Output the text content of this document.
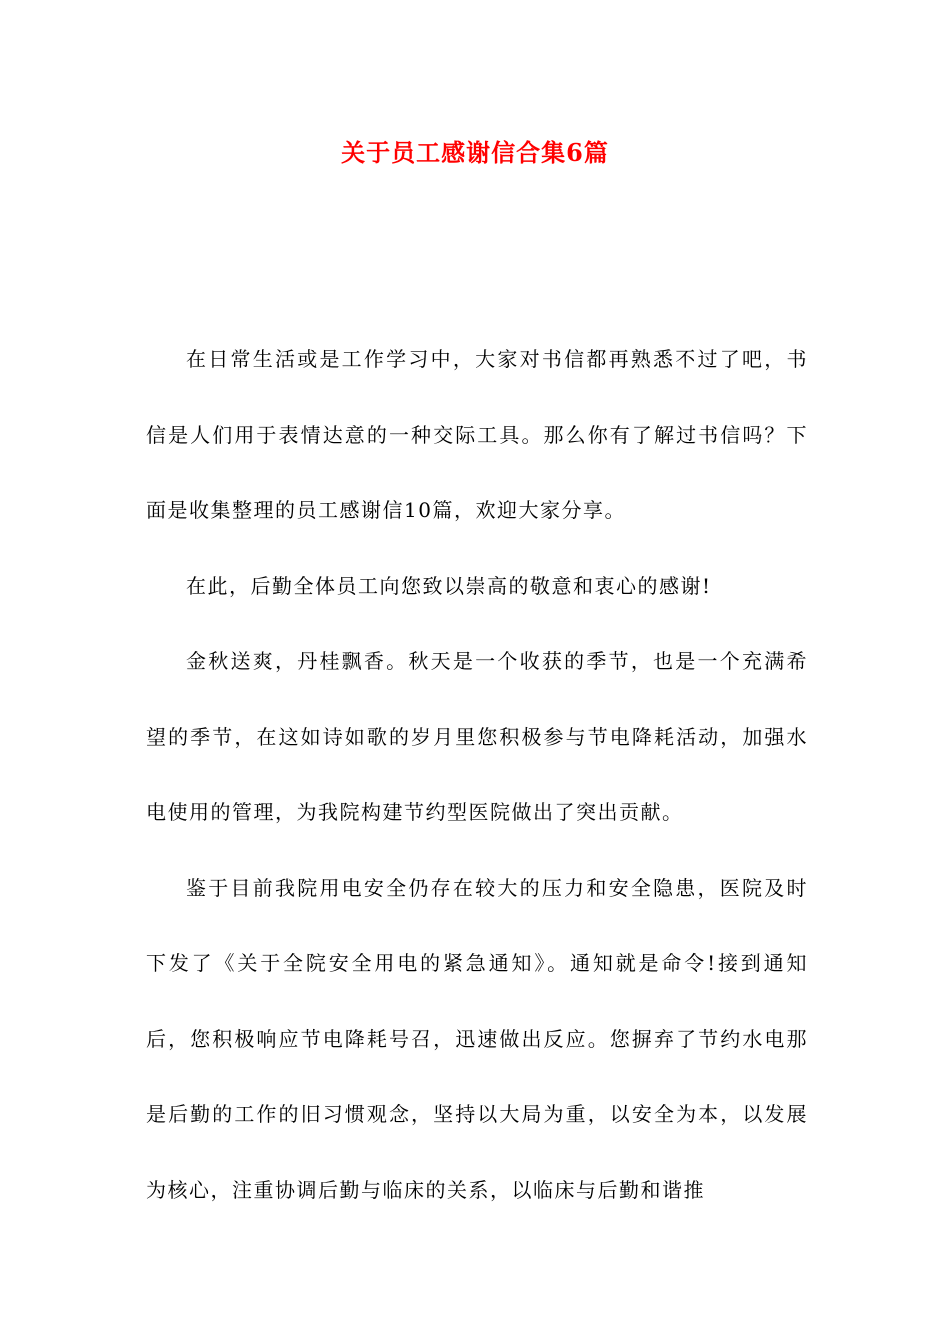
关于员工感谢信合集6篇

在日常生活或是工作学习中，大家对书信都再熟悉不过了吧，书信是人们用于表情达意的一种交际工具。那么你有了解过书信吗？下面是收集整理的员工感谢信10篇，欢迎大家分享。

在此，后勤全体员工向您致以崇高的敬意和衷心的感谢!

金秋送爽，丹桂飘香。秋天是一个收获的季节，也是一个充满希望的季节，在这如诗如歌的岁月里您积极参与节电降耗活动，加强水电使用的管理，为我院构建节约型医院做出了突出贡献。

鉴于目前我院用电安全仍存在较大的压力和安全隐患，医院及时下发了《关于全院安全用电的紧急通知》。通知就是命令!接到通知后，您积极响应节电降耗号召，迅速做出反应。您摒弃了节约水电那是后勤的工作的旧习惯观念，坚持以大局为重，以安全为本，以发展为核心，注重协调后勤与临床的关系，以临床与后勤和谐推
